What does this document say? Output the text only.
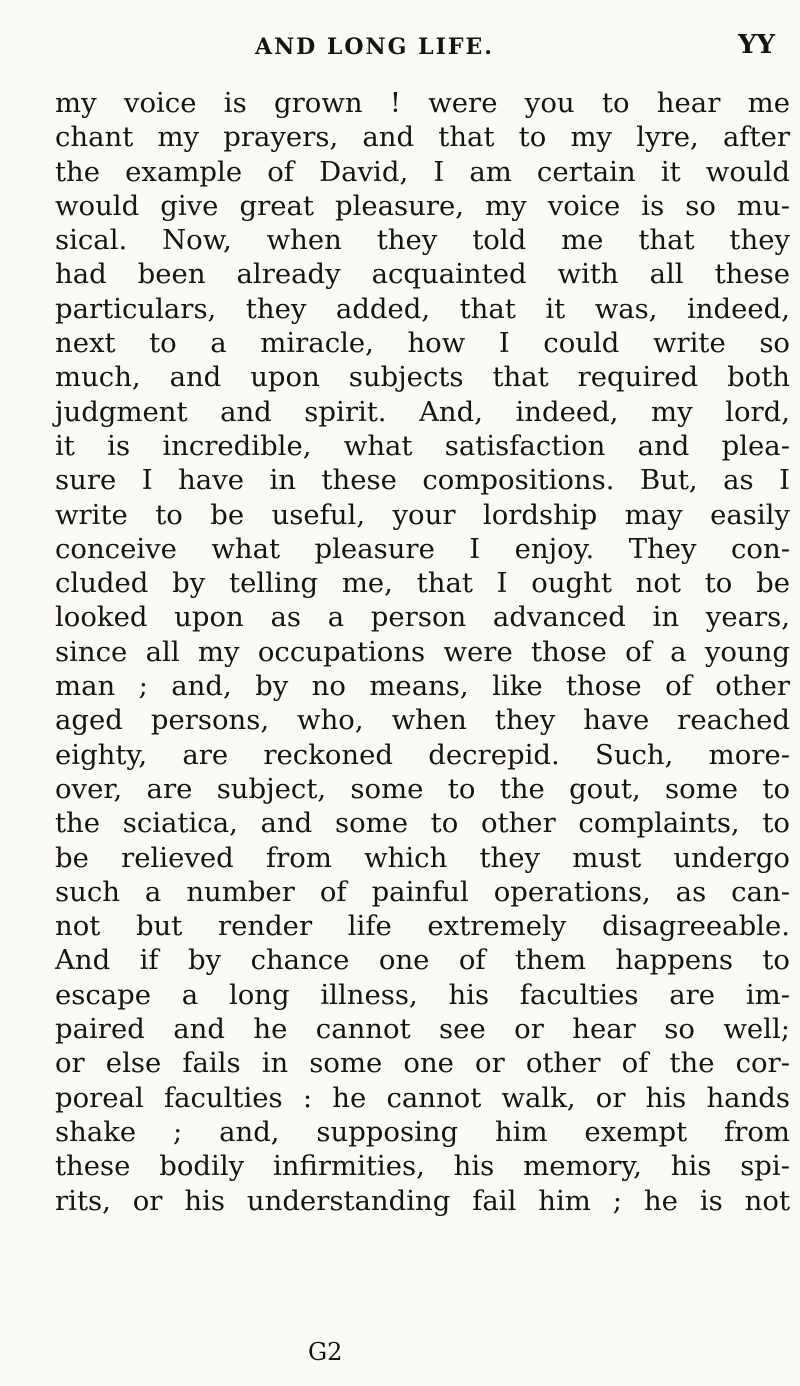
AND LONG LIFE.	YY
my voice is grown ! were you to hear me
chant my prayers, and that to my lyre, after
the example of David, I am certain it would
would give great pleasure, my voice is so mu-
sical. Now, when they told me that they
had been already acquainted with all these
particulars, they added, that it was, indeed,
next to a miracle, how I could write so
much, and upon subjects that required both
judgment and spirit. And, indeed, my lord,
it is incredible, what satisfaction and plea-
sure I have in these compositions. But, as I
write to be useful, your lordship may easily
conceive what pleasure I enjoy. They con-
cluded by telling me, that I ought not to be
looked upon as a person advanced in years,
since all my occupations were those of a young
man ; and, by no means, like those of other
aged persons, who, when they have reached
eighty, are reckoned decrepid. Such, more-
over, are subject, some to the gout, some to
the sciatica, and some to other complaints, to
be relieved from which they must undergo
such a number of painful operations, as can-
not but render life extremely disagreeable.
And if by chance one of them happens to
escape a long illness, his faculties are im-
paired and he cannot see or hear so well;
or else fails in some one or other of the cor-
poreal faculties : he cannot walk, or his hands
shake ; and, supposing him exempt from
these bodily infirmities, his memory, his spi-
rits, or his understanding fail him ; he is not
G2
